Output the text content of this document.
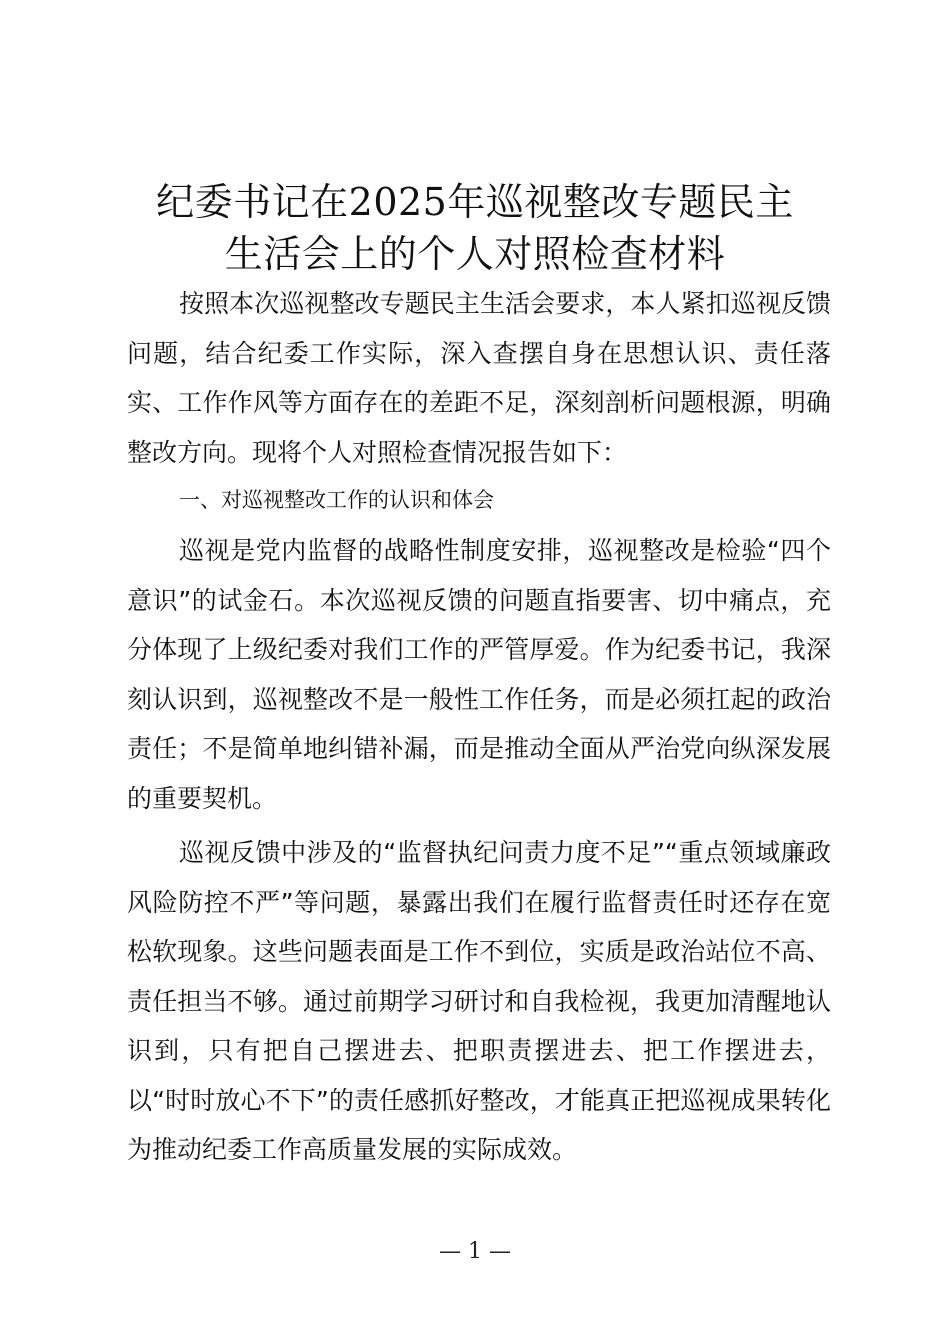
纪委书记在2025年巡视整改专题民主
生活会上的个人对照检查材料

按照本次巡视整改专题民主生活会要求，本人紧扣巡视反馈问题，结合纪委工作实际，深入查摆自身在思想认识、责任落实、工作作风等方面存在的差距不足，深刻剖析问题根源，明确整改方向。现将个人对照检查情况报告如下：

一、对巡视整改工作的认识和体会

巡视是党内监督的战略性制度安排，巡视整改是检验“四个意识”的试金石。本次巡视反馈的问题直指要害、切中痛点，充分体现了上级纪委对我们工作的严管厚爱。作为纪委书记，我深刻认识到，巡视整改不是一般性工作任务，而是必须扛起的政治责任；不是简单地纠错补漏，而是推动全面从严治党向纵深发展的重要契机。

巡视反馈中涉及的“监督执纪问责力度不足”“重点领域廉政风险防控不严”等问题，暴露出我们在履行监督责任时还存在宽松软现象。这些问题表面是工作不到位，实质是政治站位不高、责任担当不够。通过前期学习研讨和自我检视，我更加清醒地认识到，只有把自己摆进去、把职责摆进去、把工作摆进去，以“时时放心不下”的责任感抓好整改，才能真正把巡视成果转化为推动纪委工作高质量发展的实际成效。

— 1 —
